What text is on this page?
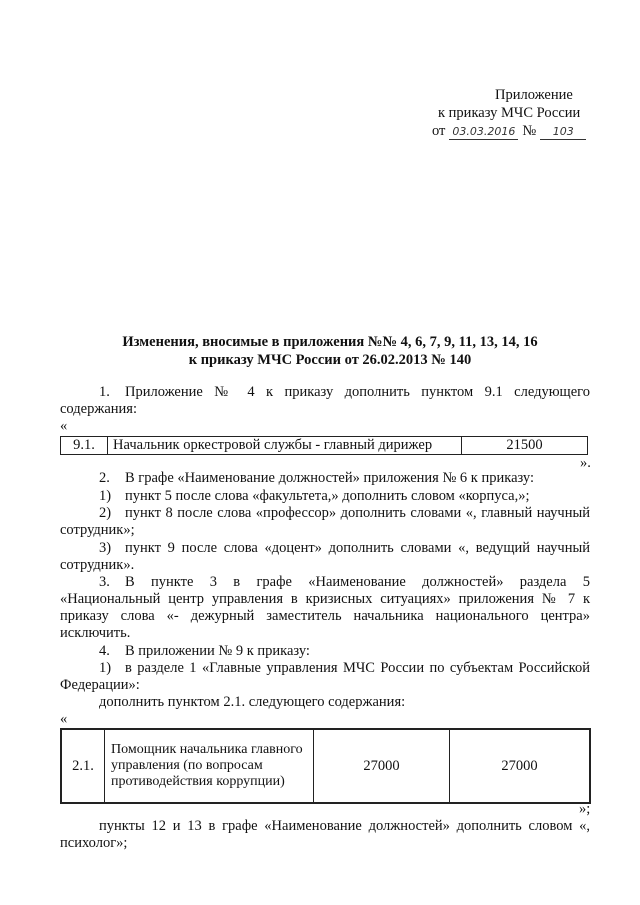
Приложение
к приказу МЧС России
от 03.03.2016 № 103
Изменения, вносимые в приложения №№ 4, 6, 7, 9, 11, 13, 14, 16
к приказу МЧС России от 26.02.2013 № 140
1. Приложение № 4 к приказу дополнить пунктом 9.1 следующего содержания:
«
9.1.	Начальник оркестровой службы - главный дирижер	21500
».
2. В графе «Наименование должностей» приложения № 6 к приказу:
1) пункт 5 после слова «факультета,» дополнить словом «корпуса,»;
2) пункт 8 после слова «профессор» дополнить словами «, главный научный сотрудник»;
3) пункт 9 после слова «доцент» дополнить словами «, ведущий научный сотрудник».
3. В пункте 3 в графе «Наименование должностей» раздела 5 «Национальный центр управления в кризисных ситуациях» приложения № 7 к приказу слова «- дежурный заместитель начальника национального центра» исключить.
4. В приложении № 9 к приказу:
1) в разделе 1 «Главные управления МЧС России по субъектам Российской Федерации»:
дополнить пунктом 2.1. следующего содержания:
«
2.1.	Помощник начальника главного управления (по вопросам противодействия коррупции)	27000	27000
»;
пункты 12 и 13 в графе «Наименование должностей» дополнить словом «, психолог»;
